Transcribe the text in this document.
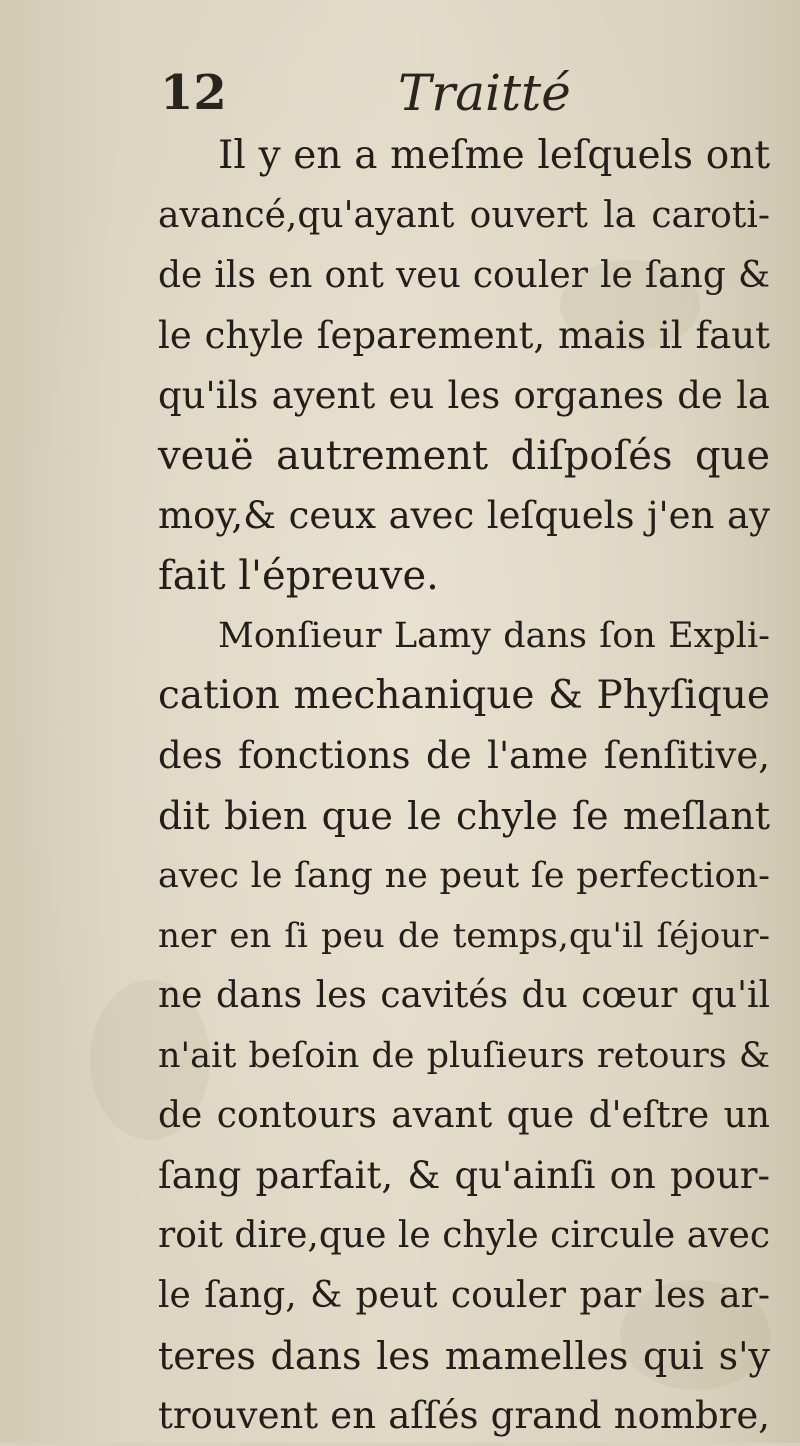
12	Traitté
Il y en a meſme leſquels ont
avancé,qu'ayant ouvert la caroti-
de ils en ont veu couler le ſang &
le chyle ſeparement, mais il faut
qu'ils ayent eu les organes de la
veuë autrement diſpoſés que
moy,& ceux avec leſquels j'en ay
fait l'épreuve.
Monſieur Lamy dans ſon Expli-
cation mechanique & Phyſique
des fonctions de l'ame ſenſitive,
dit bien que le chyle ſe meſlant
avec le ſang ne peut ſe perfection-
ner en ſi peu de temps,qu'il ſéjour-
ne dans les cavités du cœur qu'il
n'ait beſoin de pluſieurs retours &
de contours avant que d'eſtre un
ſang parfait, & qu'ainſi on pour-
roit dire,que le chyle circule avec
le ſang, & peut couler par les ar-
teres dans les mamelles qui s'y
trouvent en aſſés grand nombre,
